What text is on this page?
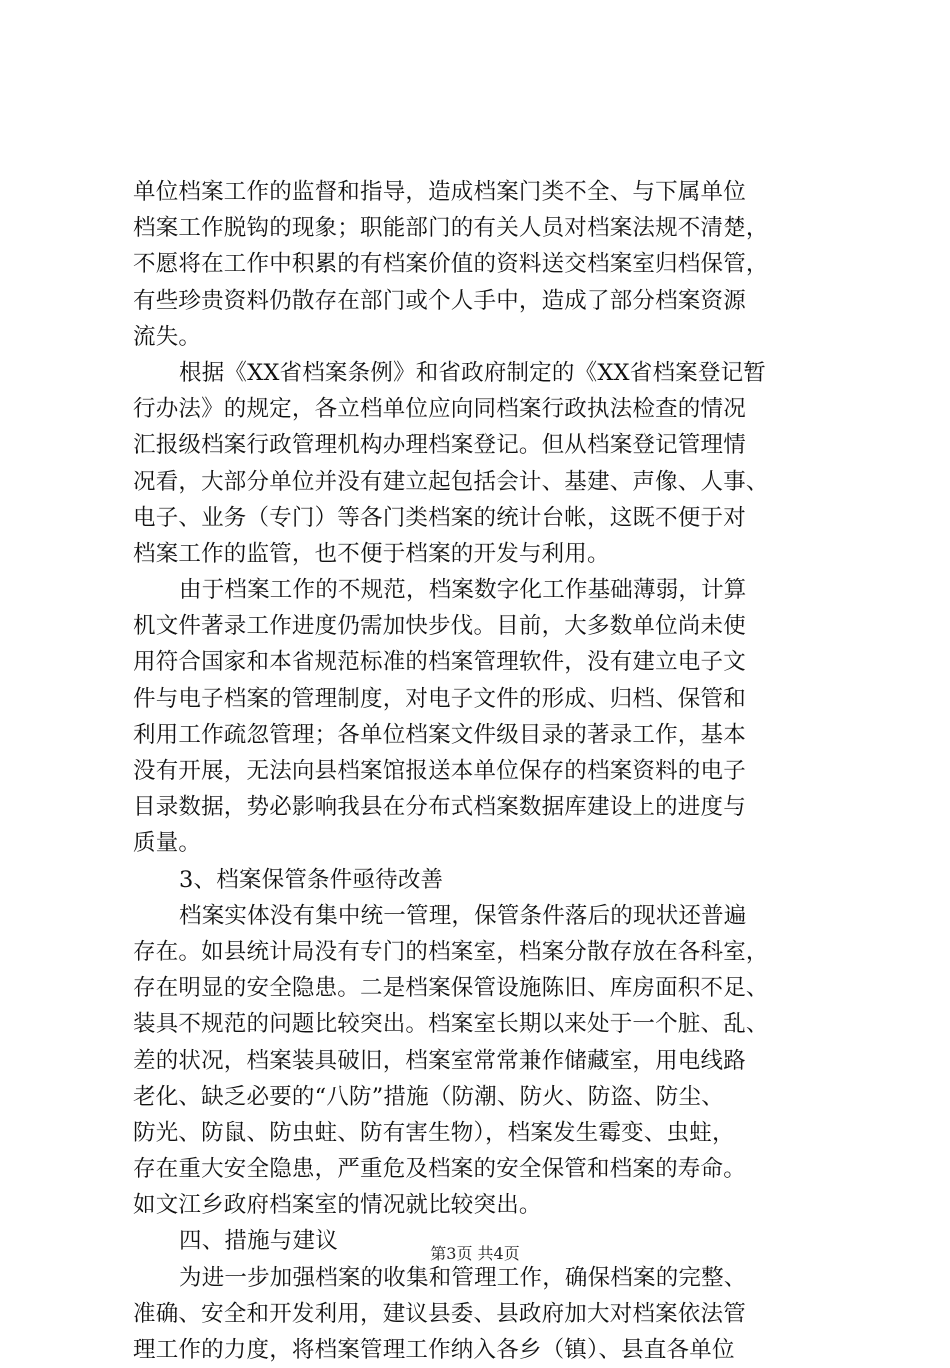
单位档案工作的监督和指导，造成档案门类不全、与下属单位
档案工作脱钩的现象；职能部门的有关人员对档案法规不清楚，
不愿将在工作中积累的有档案价值的资料送交档案室归档保管，
有些珍贵资料仍散存在部门或个人手中，造成了部分档案资源
流失。
根据《XX省档案条例》和省政府制定的《XX省档案登记暂
行办法》的规定，各立档单位应向同档案行政执法检查的情况
汇报级档案行政管理机构办理档案登记。但从档案登记管理情
况看，大部分单位并没有建立起包括会计、基建、声像、人事、
电子、业务（专门）等各门类档案的统计台帐，这既不便于对
档案工作的监管，也不便于档案的开发与利用。
由于档案工作的不规范，档案数字化工作基础薄弱，计算
机文件著录工作进度仍需加快步伐。目前，大多数单位尚未使
用符合国家和本省规范标准的档案管理软件，没有建立电子文
件与电子档案的管理制度，对电子文件的形成、归档、保管和
利用工作疏忽管理；各单位档案文件级目录的著录工作，基本
没有开展，无法向县档案馆报送本单位保存的档案资料的电子
目录数据，势必影响我县在分布式档案数据库建设上的进度与
质量。
3、档案保管条件亟待改善
档案实体没有集中统一管理，保管条件落后的现状还普遍
存在。如县统计局没有专门的档案室，档案分散存放在各科室，
存在明显的安全隐患。二是档案保管设施陈旧、库房面积不足、
装具不规范的问题比较突出。档案室长期以来处于一个脏、乱、
差的状况，档案装具破旧，档案室常常兼作储藏室，用电线路
老化、缺乏必要的“八防”措施（防潮、防火、防盗、防尘、
防光、防鼠、防虫蛀、防有害生物），档案发生霉变、虫蛀，
存在重大安全隐患，严重危及档案的安全保管和档案的寿命。
如文江乡政府档案室的情况就比较突出。
四、措施与建议
为进一步加强档案的收集和管理工作，确保档案的完整、
准确、安全和开发利用，建议县委、县政府加大对档案依法管
理工作的力度，将档案管理工作纳入各乡（镇）、县直各单位
第3页 共4页
